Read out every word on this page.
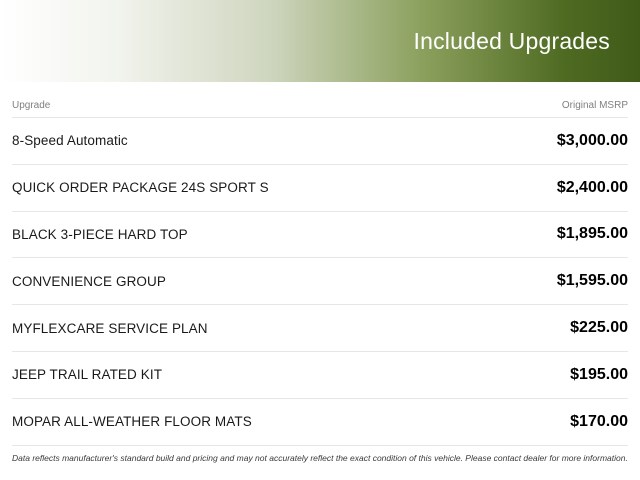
Included Upgrades
Upgrade	Original MSRP
8-Speed Automatic	$3,000.00
QUICK ORDER PACKAGE 24S SPORT S	$2,400.00
BLACK 3-PIECE HARD TOP	$1,895.00
CONVENIENCE GROUP	$1,595.00
MYFLEXCARE SERVICE PLAN	$225.00
JEEP TRAIL RATED KIT	$195.00
MOPAR ALL-WEATHER FLOOR MATS	$170.00
Data reflects manufacturer's standard build and pricing and may not accurately reflect the exact condition of this vehicle. Please contact dealer for more information.
